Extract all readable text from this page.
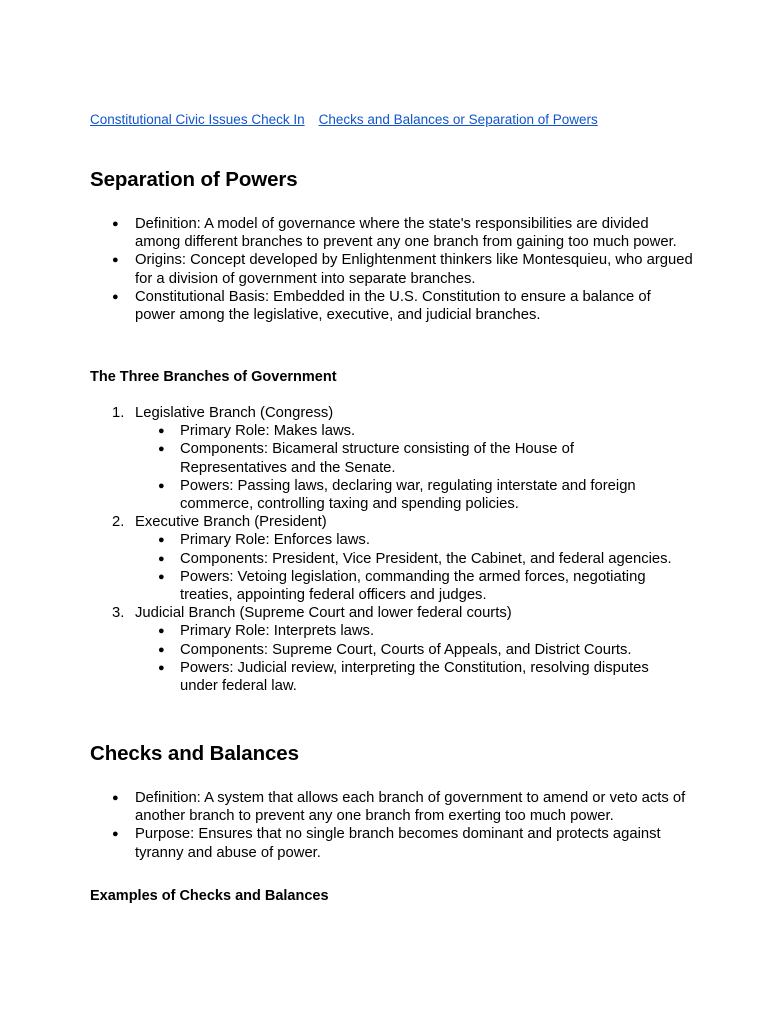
Constitutional Civic Issues Check In Checks and Balances or Separation of Powers
Separation of Powers
● Definition: A model of governance where the state's responsibilities are divided among different branches to prevent any one branch from gaining too much power.
● Origins: Concept developed by Enlightenment thinkers like Montesquieu, who argued for a division of government into separate branches.
● Constitutional Basis: Embedded in the U.S. Constitution to ensure a balance of power among the legislative, executive, and judicial branches.
The Three Branches of Government
1. Legislative Branch (Congress)
● Primary Role: Makes laws.
● Components: Bicameral structure consisting of the House of Representatives and the Senate.
● Powers: Passing laws, declaring war, regulating interstate and foreign commerce, controlling taxing and spending policies.
2. Executive Branch (President)
● Primary Role: Enforces laws.
● Components: President, Vice President, the Cabinet, and federal agencies.
● Powers: Vetoing legislation, commanding the armed forces, negotiating treaties, appointing federal officers and judges.
3. Judicial Branch (Supreme Court and lower federal courts)
● Primary Role: Interprets laws.
● Components: Supreme Court, Courts of Appeals, and District Courts.
● Powers: Judicial review, interpreting the Constitution, resolving disputes under federal law.
Checks and Balances
● Definition: A system that allows each branch of government to amend or veto acts of another branch to prevent any one branch from exerting too much power.
● Purpose: Ensures that no single branch becomes dominant and protects against tyranny and abuse of power.
Examples of Checks and Balances
